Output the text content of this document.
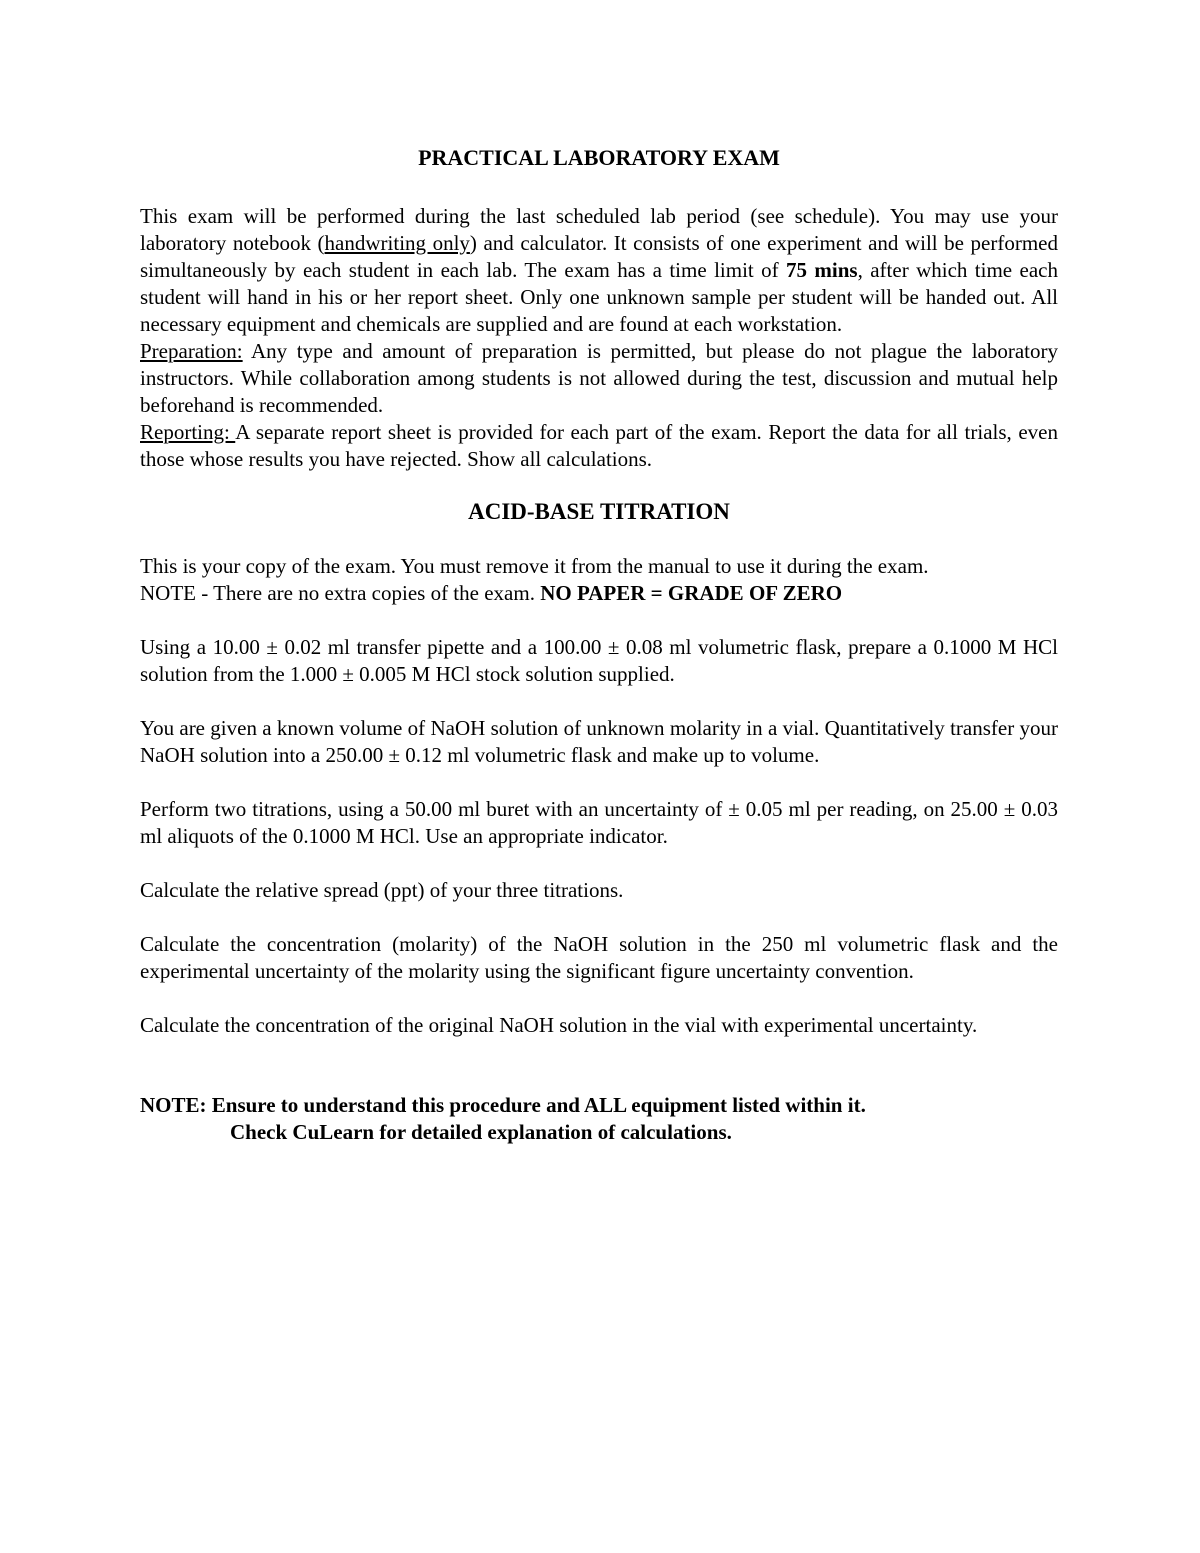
PRACTICAL LABORATORY EXAM

This exam will be performed during the last scheduled lab period (see schedule). You may use your laboratory notebook (handwriting only) and calculator. It consists of one experiment and will be performed simultaneously by each student in each lab. The exam has a time limit of 75 mins, after which time each student will hand in his or her report sheet. Only one unknown sample per student will be handed out. All necessary equipment and chemicals are supplied and are found at each workstation.

Preparation: Any type and amount of preparation is permitted, but please do not plague the laboratory instructors. While collaboration among students is not allowed during the test, discussion and mutual help beforehand is recommended.

Reporting: A separate report sheet is provided for each part of the exam. Report the data for all trials, even those whose results you have rejected. Show all calculations.

ACID-BASE TITRATION

This is your copy of the exam. You must remove it from the manual to use it during the exam.

NOTE - There are no extra copies of the exam. NO PAPER = GRADE OF ZERO

Using a 10.00 ± 0.02 ml transfer pipette and a 100.00 ± 0.08 ml volumetric flask, prepare a 0.1000 M HCl solution from the 1.000 ± 0.005 M HCl stock solution supplied.

You are given a known volume of NaOH solution of unknown molarity in a vial. Quantitatively transfer your NaOH solution into a 250.00 ± 0.12 ml volumetric flask and make up to volume.

Perform two titrations, using a 50.00 ml buret with an uncertainty of ± 0.05 ml per reading, on 25.00 ± 0.03 ml aliquots of the 0.1000 M HCl. Use an appropriate indicator.

Calculate the relative spread (ppt) of your three titrations.

Calculate the concentration (molarity) of the NaOH solution in the 250 ml volumetric flask and the experimental uncertainty of the molarity using the significant figure uncertainty convention.

Calculate the concentration of the original NaOH solution in the vial with experimental uncertainty.

NOTE: Ensure to understand this procedure and ALL equipment listed within it.

Check CuLearn for detailed explanation of calculations.
